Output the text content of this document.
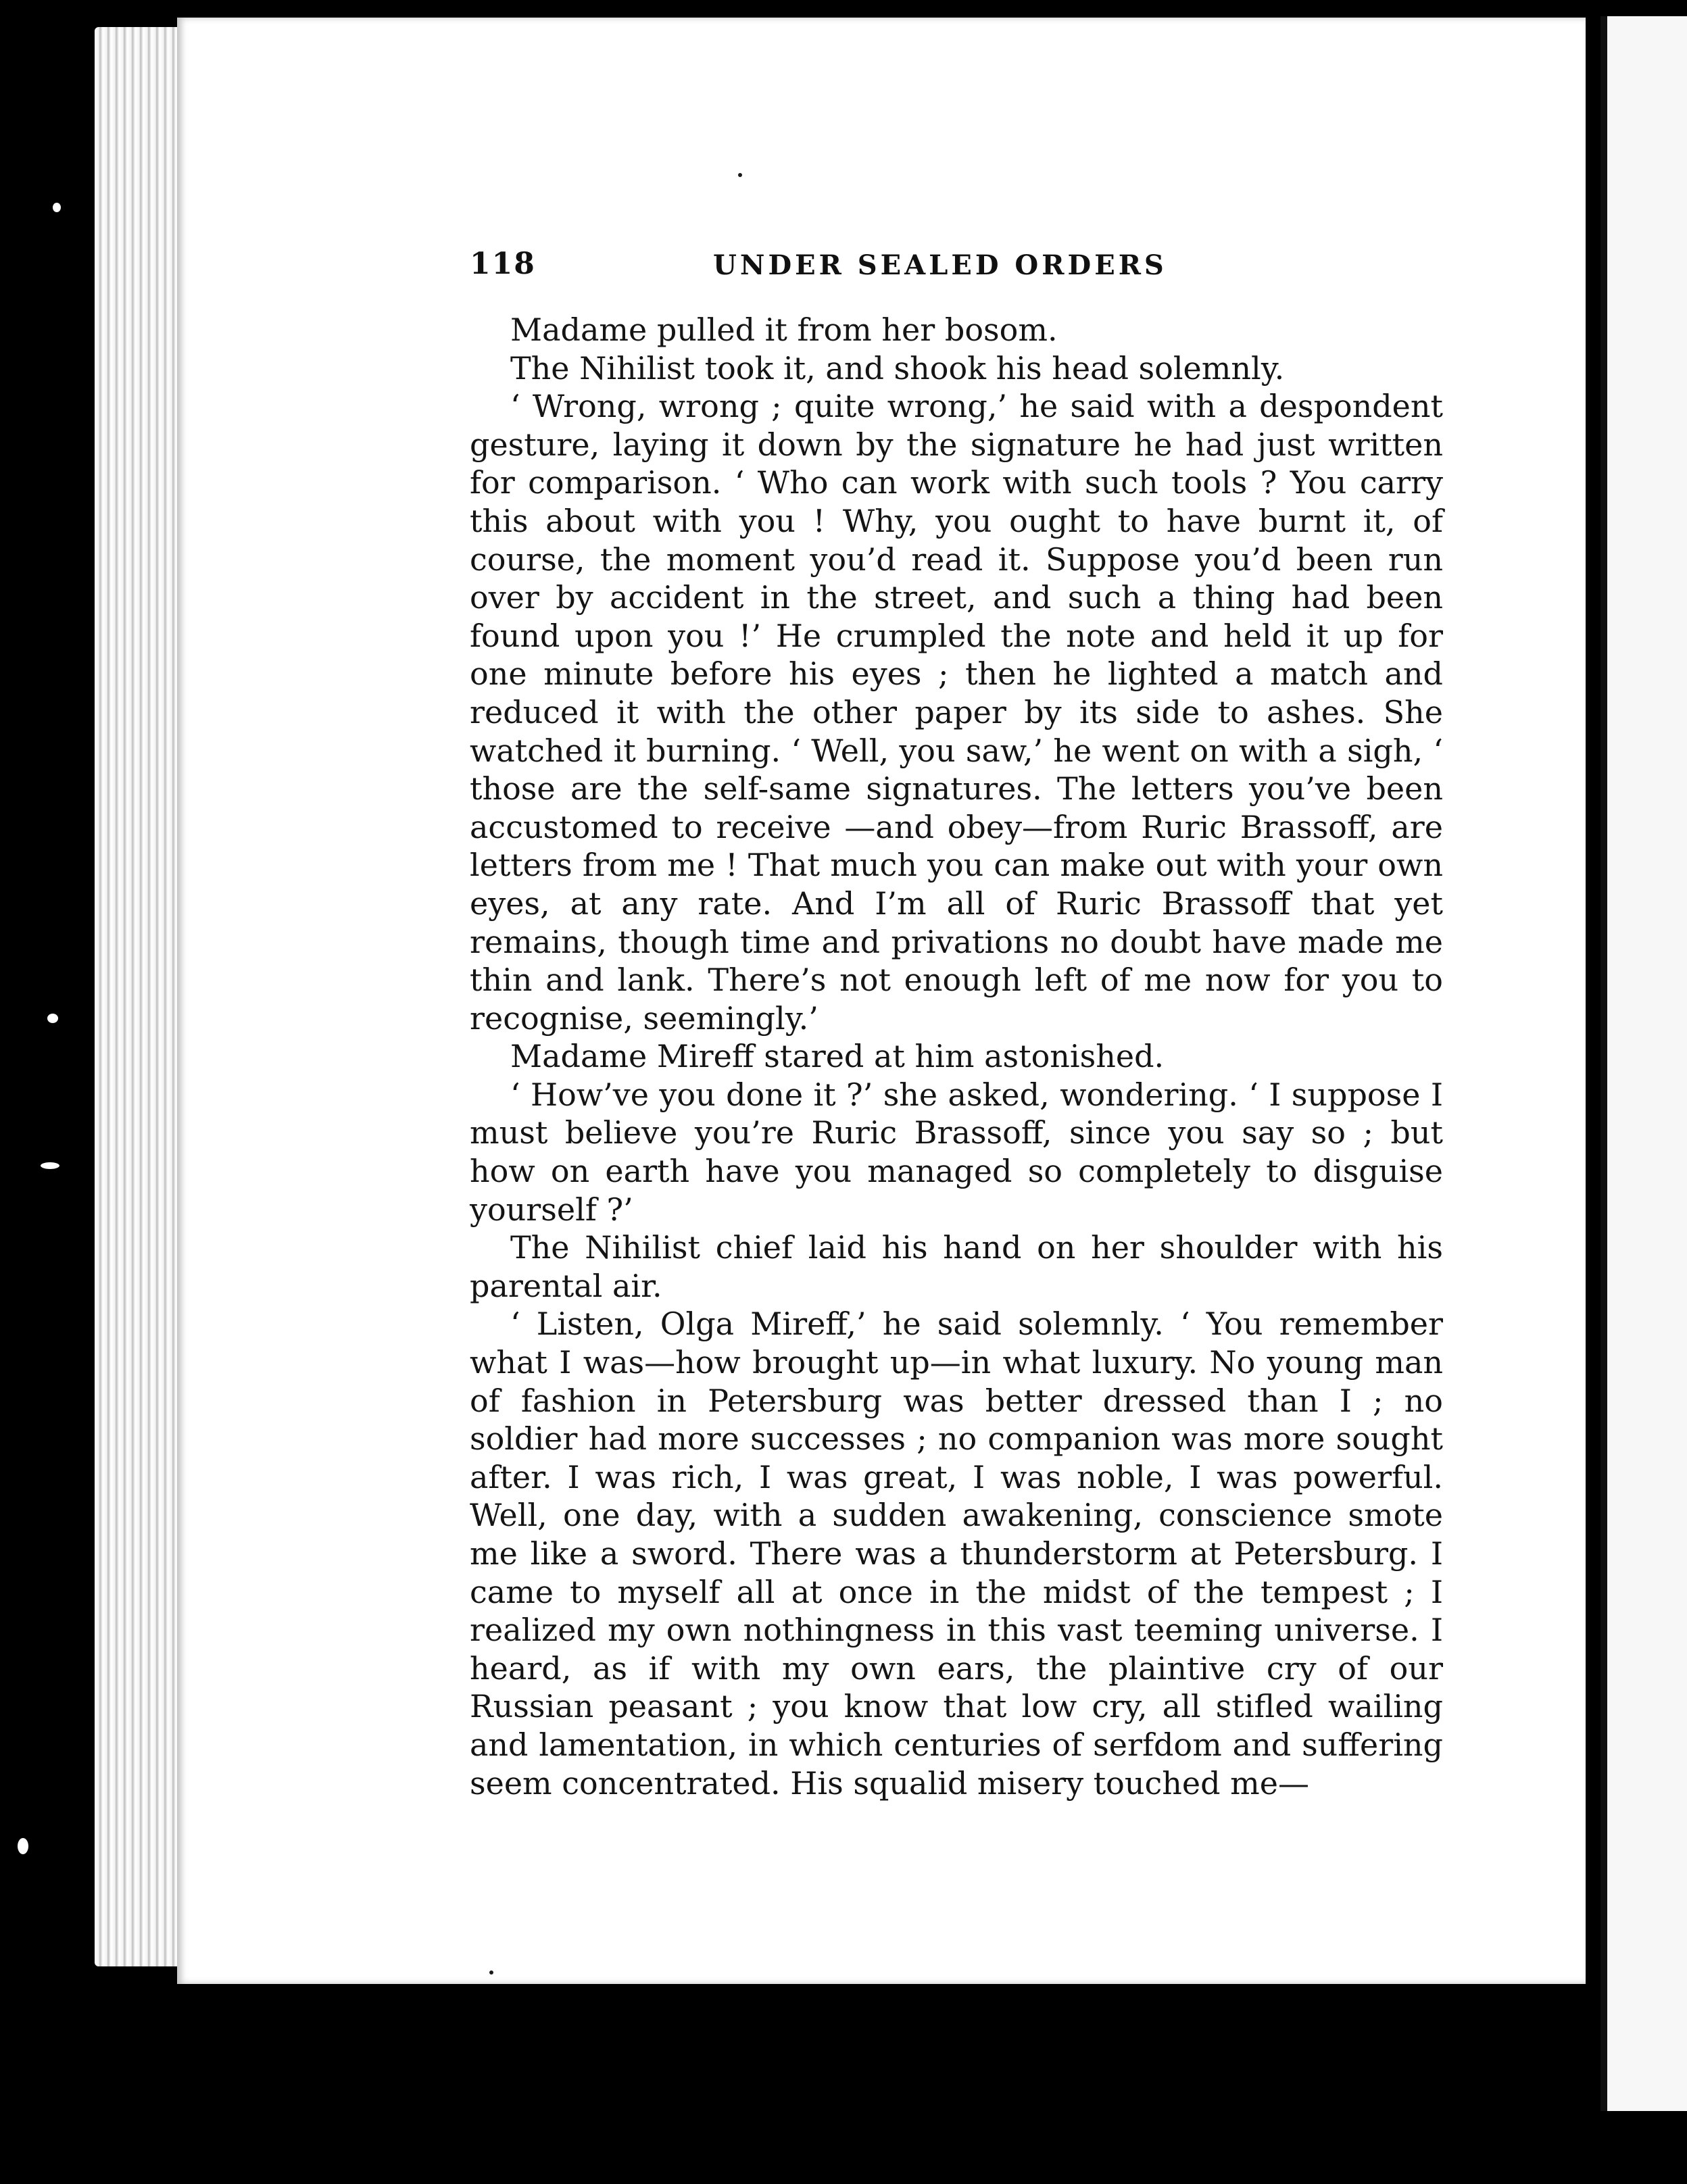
118	UNDER SEALED ORDERS

Madame pulled it from her bosom.

The Nihilist took it, and shook his head solemnly.

‘ Wrong, wrong ; quite wrong,’ he said with a despondent gesture, laying it down by the signature he had just written for comparison. ‘ Who can work with such tools ? You carry this about with you ! Why, you ought to have burnt it, of course, the moment you’d read it. Suppose you’d been run over by accident in the street, and such a thing had been found upon you !’ He crumpled the note and held it up for one minute before his eyes ; then he lighted a match and reduced it with the other paper by its side to ashes. She watched it burning. ‘ Well, you saw,’ he went on with a sigh, ‘ those are the self-same signatures. The letters you’ve been accustomed to receive —and obey—from Ruric Brassoff, are letters from me ! That much you can make out with your own eyes, at any rate. And I’m all of Ruric Brassoff that yet remains, though time and privations no doubt have made me thin and lank. There’s not enough left of me now for you to recognise, seemingly.’

Madame Mireff stared at him astonished.

‘ How’ve you done it ?’ she asked, wondering. ‘ I suppose I must believe you’re Ruric Brassoff, since you say so ; but how on earth have you managed so completely to disguise yourself ?’

The Nihilist chief laid his hand on her shoulder with his parental air.

‘ Listen, Olga Mireff,’ he said solemnly. ‘ You remember what I was—how brought up—in what luxury. No young man of fashion in Petersburg was better dressed than I ; no soldier had more successes ; no companion was more sought after. I was rich, I was great, I was noble, I was powerful. Well, one day, with a sudden awakening, conscience smote me like a sword. There was a thunderstorm at Petersburg. I came to myself all at once in the midst of the tempest ; I realized my own nothingness in this vast teeming universe. I heard, as if with my own ears, the plaintive cry of our Russian peasant ; you know that low cry, all stifled wailing and lamentation, in which centuries of serfdom and suffering seem concentrated. His squalid misery touched me—
